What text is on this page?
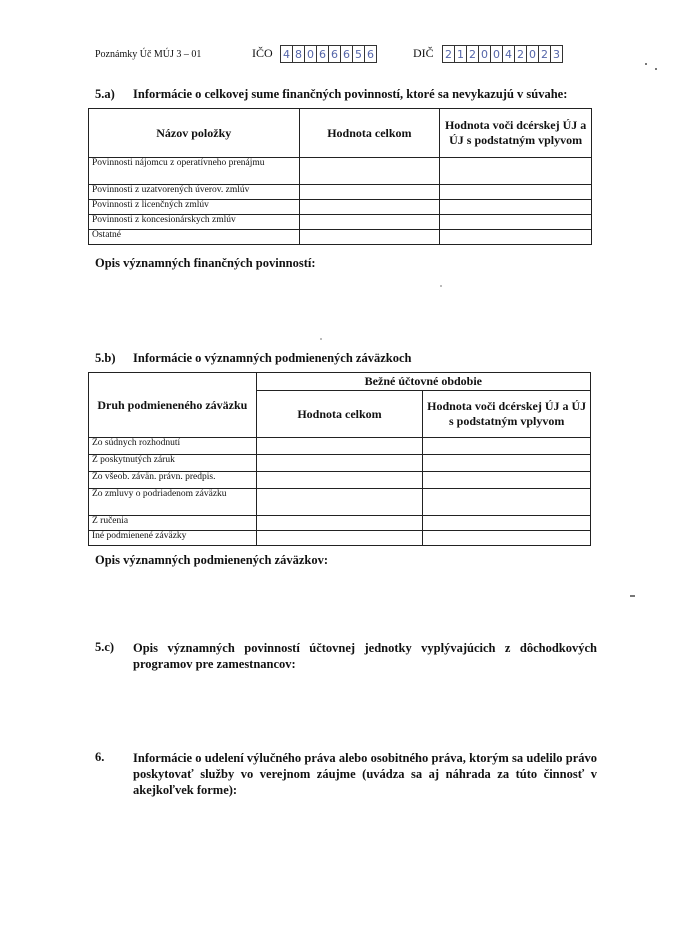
Poznámky Úč MÚJ 3 – 01	IČO 4 8 0 6 6 6 5 6	DIČ 2 1 2 0 0 4 2 0 2 3
5.a) Informácie o celkovej sume finančných povinností, ktoré sa nevykazujú v súvahe:
Názov položky	Hodnota celkom	Hodnota voči dcérskej ÚJ a ÚJ s podstatným vplyvom
Povinnosti nájomcu z operatívneho prenájmu		
Povinnosti z uzatvorených úverov. zmlúv		
Povinnosti z licenčných zmlúv		
Povinnosti z koncesionárskych zmlúv		
Ostatné		
Opis významných finančných povinností:
5.b) Informácie o významných podmienených záväzkoch
Druh podmieneného záväzku	Bežné účtovné obdobie	
	Hodnota celkom	Hodnota voči dcérskej ÚJ a ÚJ s podstatným vplyvom
Zo súdnych rozhodnutí		
Z poskytnutých záruk		
Zo všeob. závän. právn. predpis.		
Zo zmluvy o podriadenom záväzku		
Z ručenia		
Iné podmienené záväzky		
Opis významných podmienených záväzkov:
5.c) Opis významných povinností účtovnej jednotky vyplývajúcich z dôchodkových programov pre zamestnancov:
6. Informácie o udelení výlučného práva alebo osobitného práva, ktorým sa udelilo právo poskytovať služby vo verejnom záujme (uvádza sa aj náhrada za túto činnosť v akejkoľvek forme):
